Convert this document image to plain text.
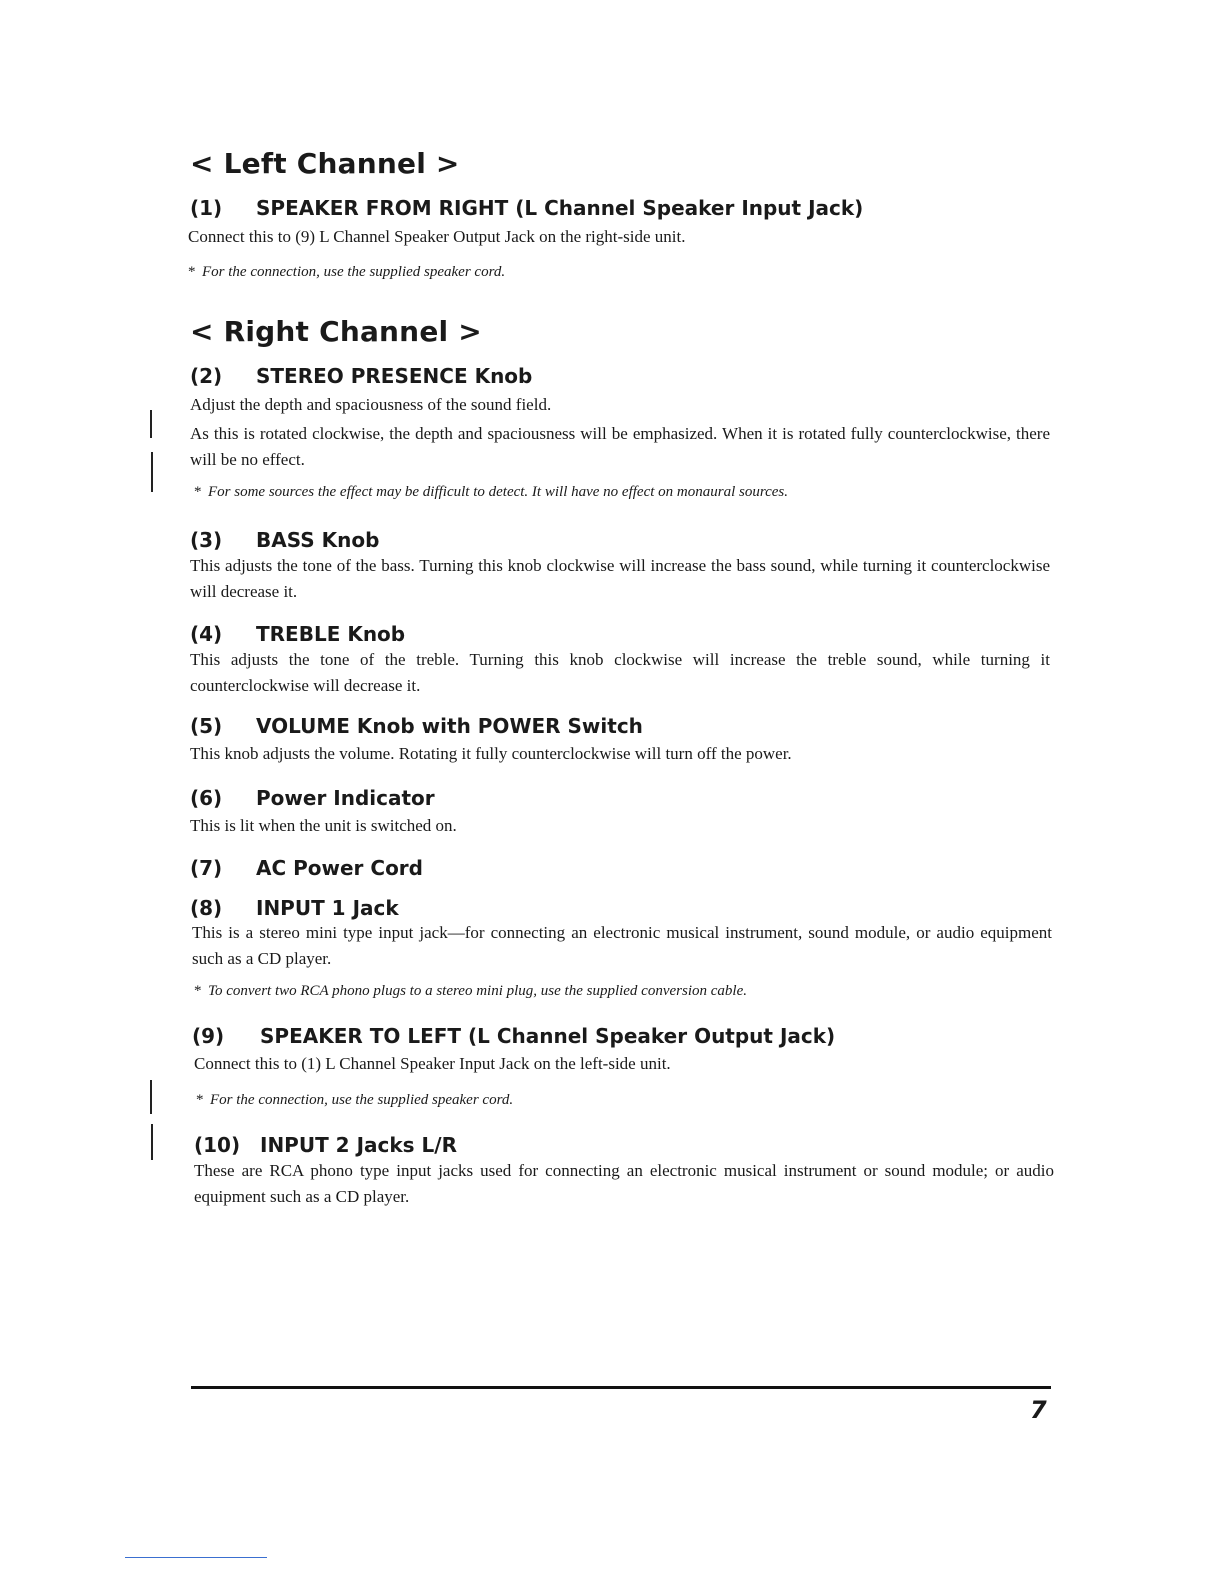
< Left Channel >
(1) SPEAKER FROM RIGHT (L Channel Speaker Input Jack)

Connect this to (9) L Channel Speaker Output Jack on the right-side unit.

* For the connection, use the supplied speaker cord.

< Right Channel >
(2) STEREO PRESENCE Knob

Adjust the depth and spaciousness of the sound field.

As this is rotated clockwise, the depth and spaciousness will be emphasized. When it is rotated fully counterclockwise, there will be no effect.

* For some sources the effect may be difficult to detect. It will have no effect on monaural sources.

(3) BASS Knob

This adjusts the tone of the bass. Turning this knob clockwise will increase the bass sound, while turning it counterclockwise will decrease it.

(4) TREBLE Knob

This adjusts the tone of the treble. Turning this knob clockwise will increase the treble sound, while turning it counterclockwise will decrease it.

(5) VOLUME Knob with POWER Switch

This knob adjusts the volume. Rotating it fully counterclockwise will turn off the power.

(6) Power Indicator

This is lit when the unit is switched on.

(7) AC Power Cord
(8) INPUT 1 Jack

This is a stereo mini type input jack—for connecting an electronic musical instrument, sound module, or audio equipment such as a CD player.

* To convert two RCA phono plugs to a stereo mini plug, use the supplied conversion cable.

(9) SPEAKER TO LEFT (L Channel Speaker Output Jack)

Connect this to (1) L Channel Speaker Input Jack on the left-side unit.

* For the connection, use the supplied speaker cord.

(10) INPUT 2 Jacks L/R

These are RCA phono type input jacks used for connecting an electronic musical instrument or sound module; or audio equipment such as a CD player.

7
